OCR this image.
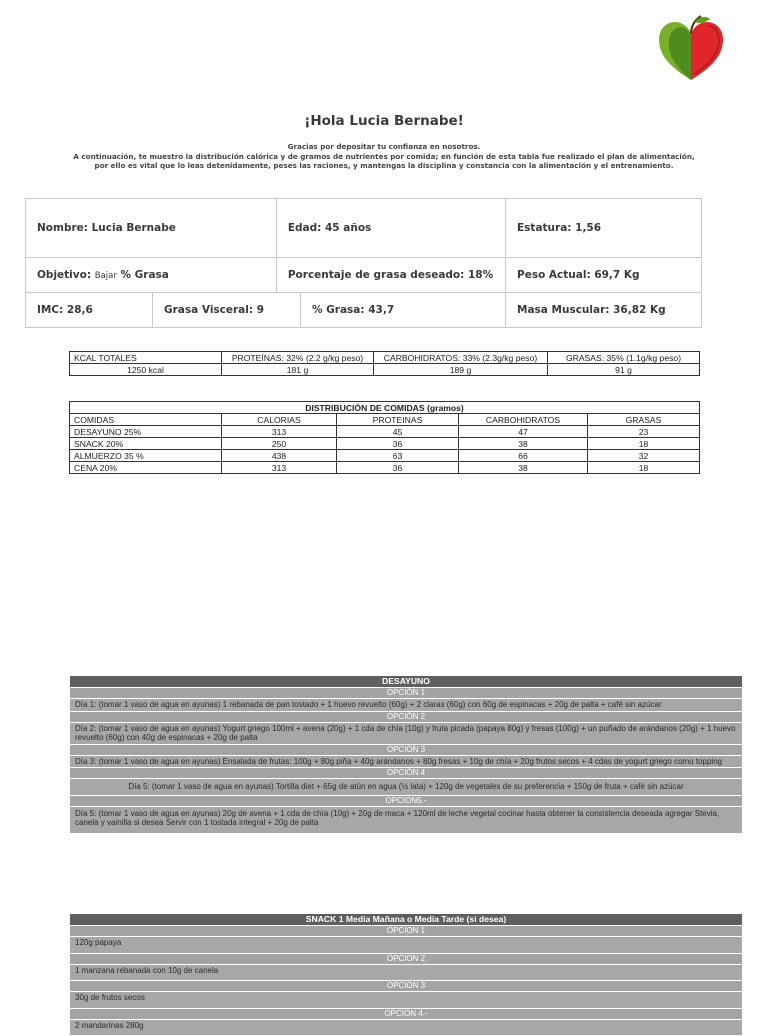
¡Hola Lucia Bernabe!
Gracias por depositar tu confianza en nosotros.
A continuación, te muestro la distribución calórica y de gramos de nutrientes por comida; en función de esta tabla fue realizado el plan de alimentación,
por ello es vital que lo leas detenidamente, peses las raciones, y mantengas la disciplina y constancia con la alimentación y el entrenamiento.
Nombre: Lucia Bernabe		Edad: 45 años		Estatura: 1,56
Objetivo: Bajar % Grasa		Porcentaje de grasa deseado: 18%		Peso Actual: 69,7 Kg
IMC: 28,6	Grasa Visceral: 9		% Grasa: 43,7	Masa Muscular: 36,82 Kg
KCAL TOTALES	PROTEÍNAS: 32% (2.2 g/kg peso)	CARBOHIDRATOS: 33% (2.3g/kg peso)	GRASAS: 35% (1.1g/kg peso)
1250 kcal	181 g	189 g	91 g
DISTRIBUCIÓN DE COMIDAS (gramos)				
COMIDAS	CALORIAS	PROTEINAS	CARBOHIDRATOS	GRASAS
DESAYUNO 25%	313	45	47	23
SNACK 20%	250	36	38	18
ALMUERZO 35 %	438	63	66	32
CENA 20%	313	36	38	18
DESAYUNO
OPCIÓN 1
Día 1: (tomar 1 vaso de agua en ayunas) 1 rebanada de pan tostado + 1 huevo revuelto (60g) + 2 claras (60g) con 60g de espinacas + 20g de palta + café sin azúcar
OPCIÓN 2
Día 2: (tomar 1 vaso de agua en ayunas) Yogurt griego 100ml + avena (20g) + 1 cda de chía (10g) y fruta picada (papaya 80g) y fresas (100g) + un puñado de arándanos (20g) + 1 huevo revuelto (60g) con 40g de espinacas + 20g de palta
OPCIÓN 3
Día 3: (tomar 1 vaso de agua en ayunas) Ensalada de frutas: 100g + 80g piña + 40g arándanos + 80g fresas + 10g de chía + 20g frutos secos + 4 cdas de yogurt griego como topping
OPCIÓN 4
Día 5: (tomar 1 vaso de agua en ayunas) Tortilla diet + 65g de atún en agua (½ lata) + 120g de vegetales de su preferencia + 150g de fruta + café sin azúcar
OPCION5.-
Día 5: (tomar 1 vaso de agua en ayunas) 20g de avena + 1 cda de chía (10g) + 20g de maca + 120ml de leche vegetal cocinar hasta obtener la consistencia deseada agregar Stevia, canela y vainilla si desea Servir con 1 tostada integral + 20g de palta
SNACK 1 Media Mañana o Media Tarde (si desea)
OPCION 1
120g papaya
OPCION 2
1 manzana rebanada con 10g de canela
OPCION 3
30g de frutos secos
OPCION 4.-
2 mandarinas 280g
